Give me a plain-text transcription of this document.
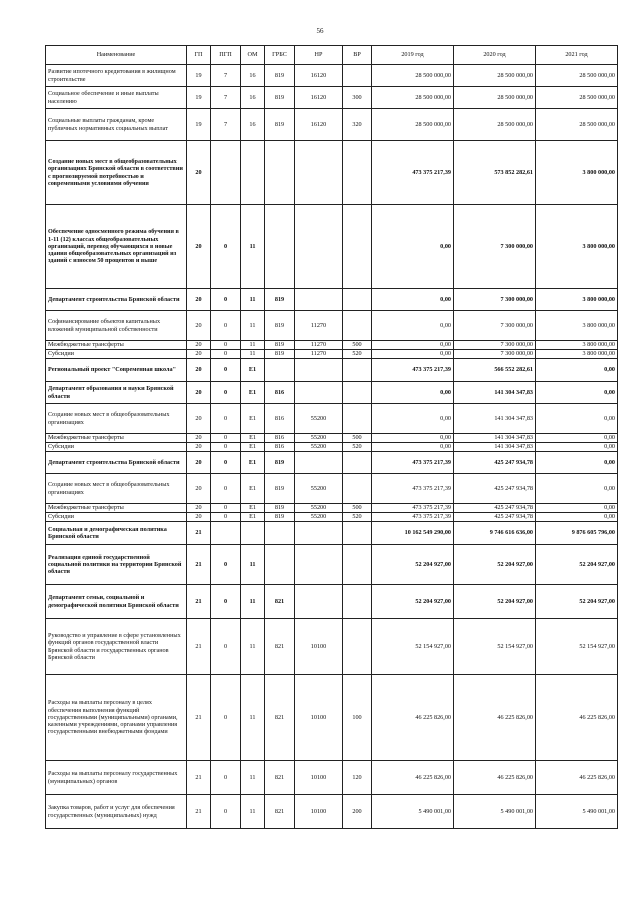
56
Наименование	ГП	ПГП	ОМ	ГРБС	НР	ВР	2019 год	2020 год	2021 год
Развитие ипотечного кредитования в жилищном строительстве	19	7	16	819	16120		28 500 000,00	28 500 000,00	28 500 000,00
Социальное обеспечение и иные выплаты населению	19	7	16	819	16120	300	28 500 000,00	28 500 000,00	28 500 000,00
Социальные выплаты гражданам, кроме публичных нормативных социальных выплат	19	7	16	819	16120	320	28 500 000,00	28 500 000,00	28 500 000,00
Создание новых мест в общеобразовательных организациях Брянской области в соответствии с прогнозируемой потребностью и современными условиями обучения	20						473 375 217,39	573 852 282,61	3 800 000,00
Обеспечение односменного режима обучения в 1-11 (12) классах общеобразовательных организаций, перевод обучающихся в новые здания общеобразовательных организаций из зданий с износом 50 процентов и выше	20	0	11				0,00	7 300 000,00	3 800 000,00
Департамент строительства Брянской области	20	0	11	819			0,00	7 300 000,00	3 800 000,00
Софинансирование объектов капитальных вложений муниципальной собственности	20	0	11	819	11270		0,00	7 300 000,00	3 800 000,00
Межбюджетные трансферты	20	0	11	819	11270	500	0,00	7 300 000,00	3 800 000,00
Субсидии	20	0	11	819	11270	520	0,00	7 300 000,00	3 800 000,00
Региональный проект "Современная школа"	20	0	E1				473 375 217,39	566 552 282,61	0,00
Департамент образования и науки Брянской области	20	0	E1	816			0,00	141 304 347,83	0,00
Создание новых мест в общеобразовательных организациях	20	0	E1	816	55200		0,00	141 304 347,83	0,00
Межбюджетные трансферты	20	0	E1	816	55200	500	0,00	141 304 347,83	0,00
Субсидии	20	0	E1	816	55200	520	0,00	141 304 347,83	0,00
Департамент строительства Брянской области	20	0	E1	819			473 375 217,39	425 247 934,78	0,00
Создание новых мест в общеобразовательных организациях	20	0	E1	819	55200		473 375 217,39	425 247 934,78	0,00
Межбюджетные трансферты	20	0	E1	819	55200	500	473 375 217,39	425 247 934,78	0,00
Субсидии	20	0	E1	819	55200	520	473 375 217,39	425 247 934,78	0,00
Социальная и демографическая политика Брянской области	21						10 162 549 290,00	9 746 616 636,00	9 876 605 796,00
Реализация единой государственной социальной политики на территории Брянской области	21	0	11				52 204 927,00	52 204 927,00	52 204 927,00
Департамент семьи, социальной и демографической политики Брянской области	21	0	11	821			52 204 927,00	52 204 927,00	52 204 927,00
Руководство и управление в сфере установленных функций органов государственной власти Брянской области и государственных органов Брянской области	21	0	11	821	10100		52 154 927,00	52 154 927,00	52 154 927,00
Расходы на выплаты персоналу в целях обеспечения выполнения функций государственными (муниципальными) органами, казенными учреждениями, органами управления государственными внебюджетными фондами	21	0	11	821	10100	100	46 225 826,00	46 225 826,00	46 225 826,00
Расходы на выплаты персоналу государственных (муниципальных) органов	21	0	11	821	10100	120	46 225 826,00	46 225 826,00	46 225 826,00
Закупка товаров, работ и услуг для обеспечения государственных (муниципальных) нужд	21	0	11	821	10100	200	5 490 001,00	5 490 001,00	5 490 001,00
